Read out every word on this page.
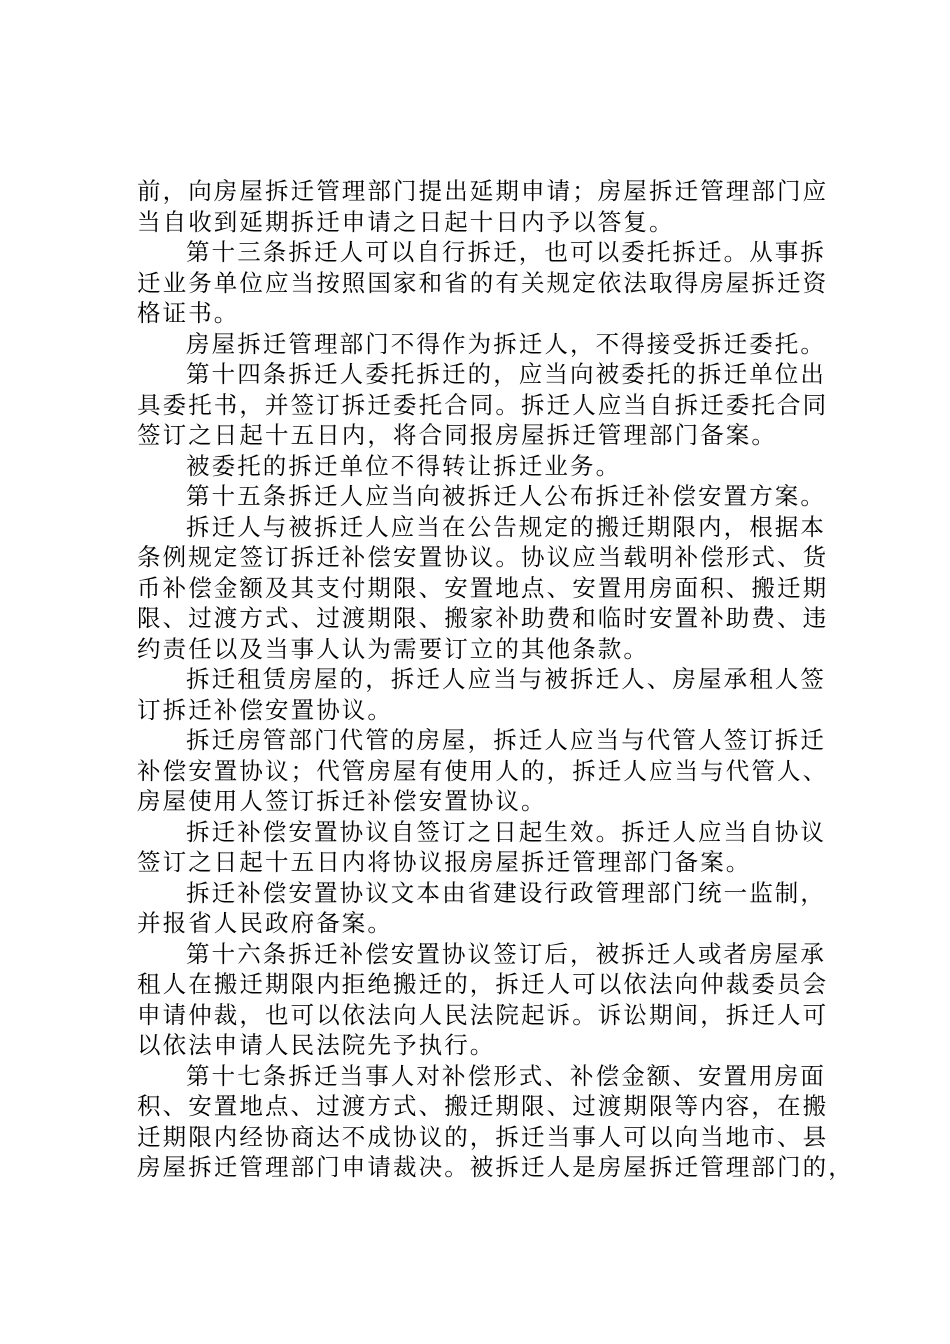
前，向房屋拆迁管理部门提出延期申请；房屋拆迁管理部门应
当自收到延期拆迁申请之日起十日内予以答复。
第十三条拆迁人可以自行拆迁，也可以委托拆迁。从事拆
迁业务单位应当按照国家和省的有关规定依法取得房屋拆迁资
格证书。
房屋拆迁管理部门不得作为拆迁人，不得接受拆迁委托。
第十四条拆迁人委托拆迁的，应当向被委托的拆迁单位出
具委托书，并签订拆迁委托合同。拆迁人应当自拆迁委托合同
签订之日起十五日内，将合同报房屋拆迁管理部门备案。
被委托的拆迁单位不得转让拆迁业务。
第十五条拆迁人应当向被拆迁人公布拆迁补偿安置方案。
拆迁人与被拆迁人应当在公告规定的搬迁期限内，根据本
条例规定签订拆迁补偿安置协议。协议应当载明补偿形式、货
币补偿金额及其支付期限、安置地点、安置用房面积、搬迁期
限、过渡方式、过渡期限、搬家补助费和临时安置补助费、违
约责任以及当事人认为需要订立的其他条款。
拆迁租赁房屋的，拆迁人应当与被拆迁人、房屋承租人签
订拆迁补偿安置协议。
拆迁房管部门代管的房屋，拆迁人应当与代管人签订拆迁
补偿安置协议；代管房屋有使用人的，拆迁人应当与代管人、
房屋使用人签订拆迁补偿安置协议。
拆迁补偿安置协议自签订之日起生效。拆迁人应当自协议
签订之日起十五日内将协议报房屋拆迁管理部门备案。
拆迁补偿安置协议文本由省建设行政管理部门统一监制，
并报省人民政府备案。
第十六条拆迁补偿安置协议签订后，被拆迁人或者房屋承
租人在搬迁期限内拒绝搬迁的，拆迁人可以依法向仲裁委员会
申请仲裁，也可以依法向人民法院起诉。诉讼期间，拆迁人可
以依法申请人民法院先予执行。
第十七条拆迁当事人对补偿形式、补偿金额、安置用房面
积、安置地点、过渡方式、搬迁期限、过渡期限等内容，在搬
迁期限内经协商达不成协议的，拆迁当事人可以向当地市、县
房屋拆迁管理部门申请裁决。被拆迁人是房屋拆迁管理部门的，
